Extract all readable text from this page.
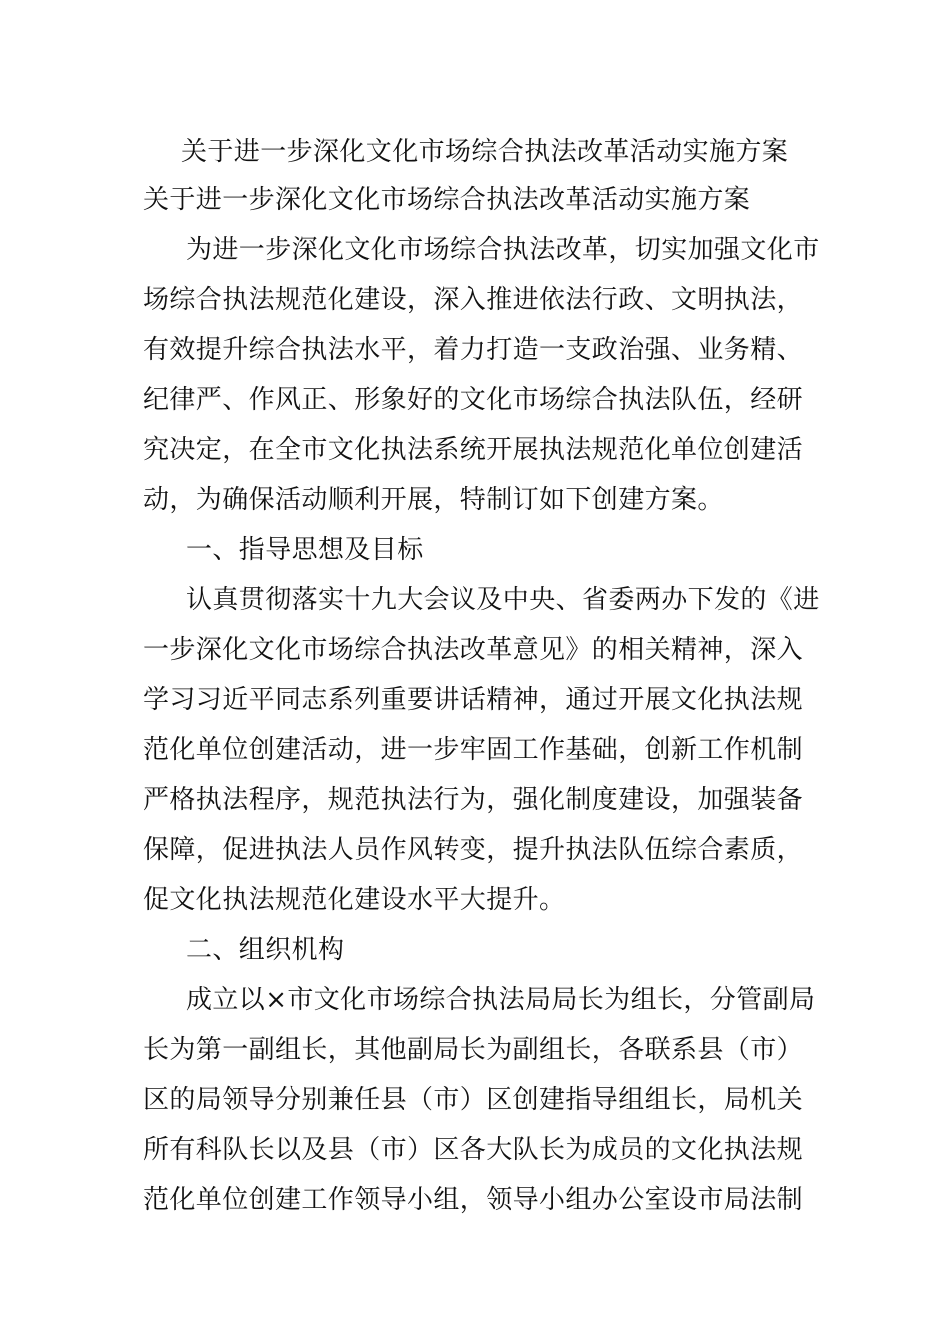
关于进一步深化文化市场综合执法改革活动实施方案
关于进一步深化文化市场综合执法改革活动实施方案
为进一步深化文化市场综合执法改革，切实加强文化市
场综合执法规范化建设，深入推进依法行政、文明执法，
有效提升综合执法水平，着力打造一支政治强、业务精、
纪律严、作风正、形象好的文化市场综合执法队伍，经研
究决定，在全市文化执法系统开展执法规范化单位创建活
动，为确保活动顺利开展，特制订如下创建方案。
一、指导思想及目标
认真贯彻落实十九大会议及中央、省委两办下发的《进
一步深化文化市场综合执法改革意见》的相关精神，深入
学习习近平同志系列重要讲话精神，通过开展文化执法规
范化单位创建活动，进一步牢固工作基础，创新工作机制
严格执法程序，规范执法行为，强化制度建设，加强装备
保障，促进执法人员作风转变，提升执法队伍综合素质，
促文化执法规范化建设水平大提升。
二、组织机构
成立以×市文化市场综合执法局局长为组长，分管副局
长为第一副组长，其他副局长为副组长，各联系县（市）
区的局领导分别兼任县（市）区创建指导组组长，局机关
所有科队长以及县（市）区各大队长为成员的文化执法规
范化单位创建工作领导小组，领导小组办公室设市局法制
